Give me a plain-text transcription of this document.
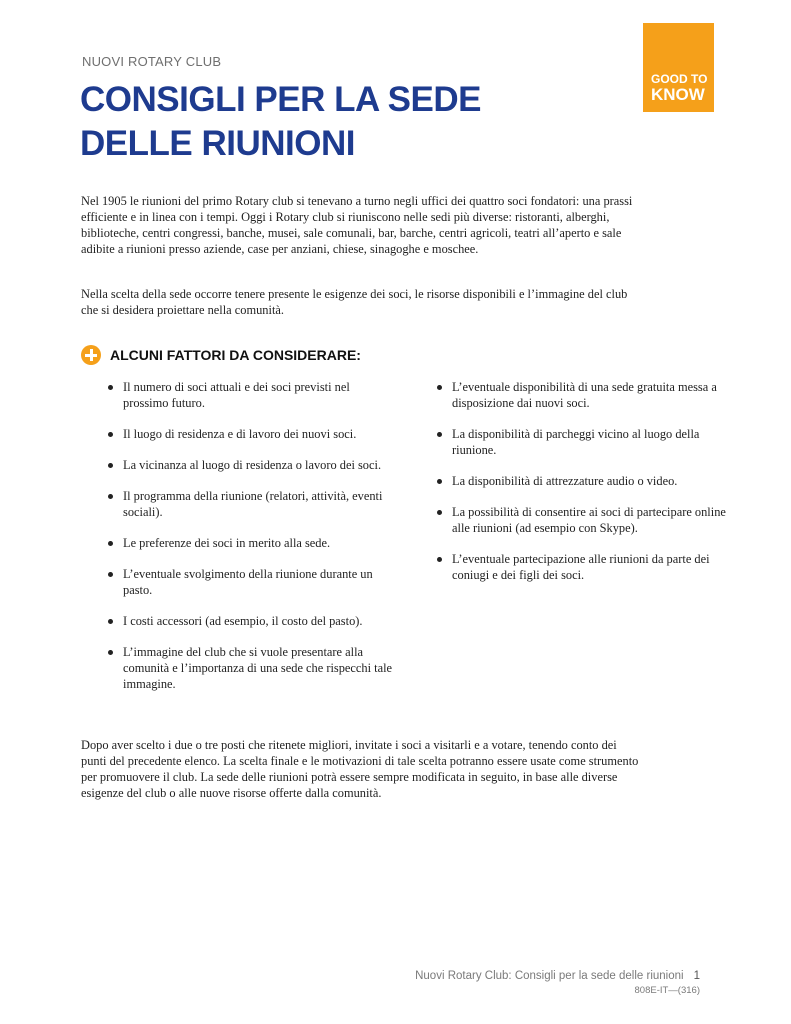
NUOVI ROTARY CLUB
CONSIGLI PER LA SEDE
DELLE RIUNIONI
GOOD TO
KNOW

Nel 1905 le riunioni del primo Rotary club si tenevano a turno negli uffici dei quattro soci fondatori: una prassi efficiente e in linea con i tempi. Oggi i Rotary club si riuniscono nelle sedi più diverse: ristoranti, alberghi, biblioteche, centri congressi, banche, musei, sale comunali, bar, barche, centri agricoli, teatri all’aperto e sale adibite a riunioni presso aziende, case per anziani, chiese, sinagoghe e moschee.

Nella scelta della sede occorre tenere presente le esigenze dei soci, le risorse disponibili e l’immagine del club che si desidera proiettare nella comunità.

ALCUNI FATTORI DA CONSIDERARE:
Il numero di soci attuali e dei soci previsti nel prossimo futuro.
Il luogo di residenza e di lavoro dei nuovi soci.
La vicinanza al luogo di residenza o lavoro dei soci.
Il programma della riunione (relatori, attività, eventi sociali).
Le preferenze dei soci in merito alla sede.
L’eventuale svolgimento della riunione durante un pasto.
I costi accessori (ad esempio, il costo del pasto).
L’immagine del club che si vuole presentare alla comunità e l’importanza di una sede che rispecchi tale immagine.
L’eventuale disponibilità di una sede gratuita messa a disposizione dai nuovi soci.
La disponibilità di parcheggi vicino al luogo della riunione.
La disponibilità di attrezzature audio o video.
La possibilità di consentire ai soci di partecipare online alle riunioni (ad esempio con Skype).
L’eventuale partecipazione alle riunioni da parte dei coniugi e dei figli dei soci.

Dopo aver scelto i due o tre posti che ritenete migliori, invitate i soci a visitarli e a votare, tenendo conto dei punti del precedente elenco. La scelta finale e le motivazioni di tale scelta potranno essere usate come strumento per promuovere il club. La sede delle riunioni potrà essere sempre modificata in seguito, in base alle diverse esigenze del club o alle nuove risorse offerte dalla comunità.

Nuovi Rotary Club: Consigli per la sede delle riunioni 1
808E-IT—(316)
